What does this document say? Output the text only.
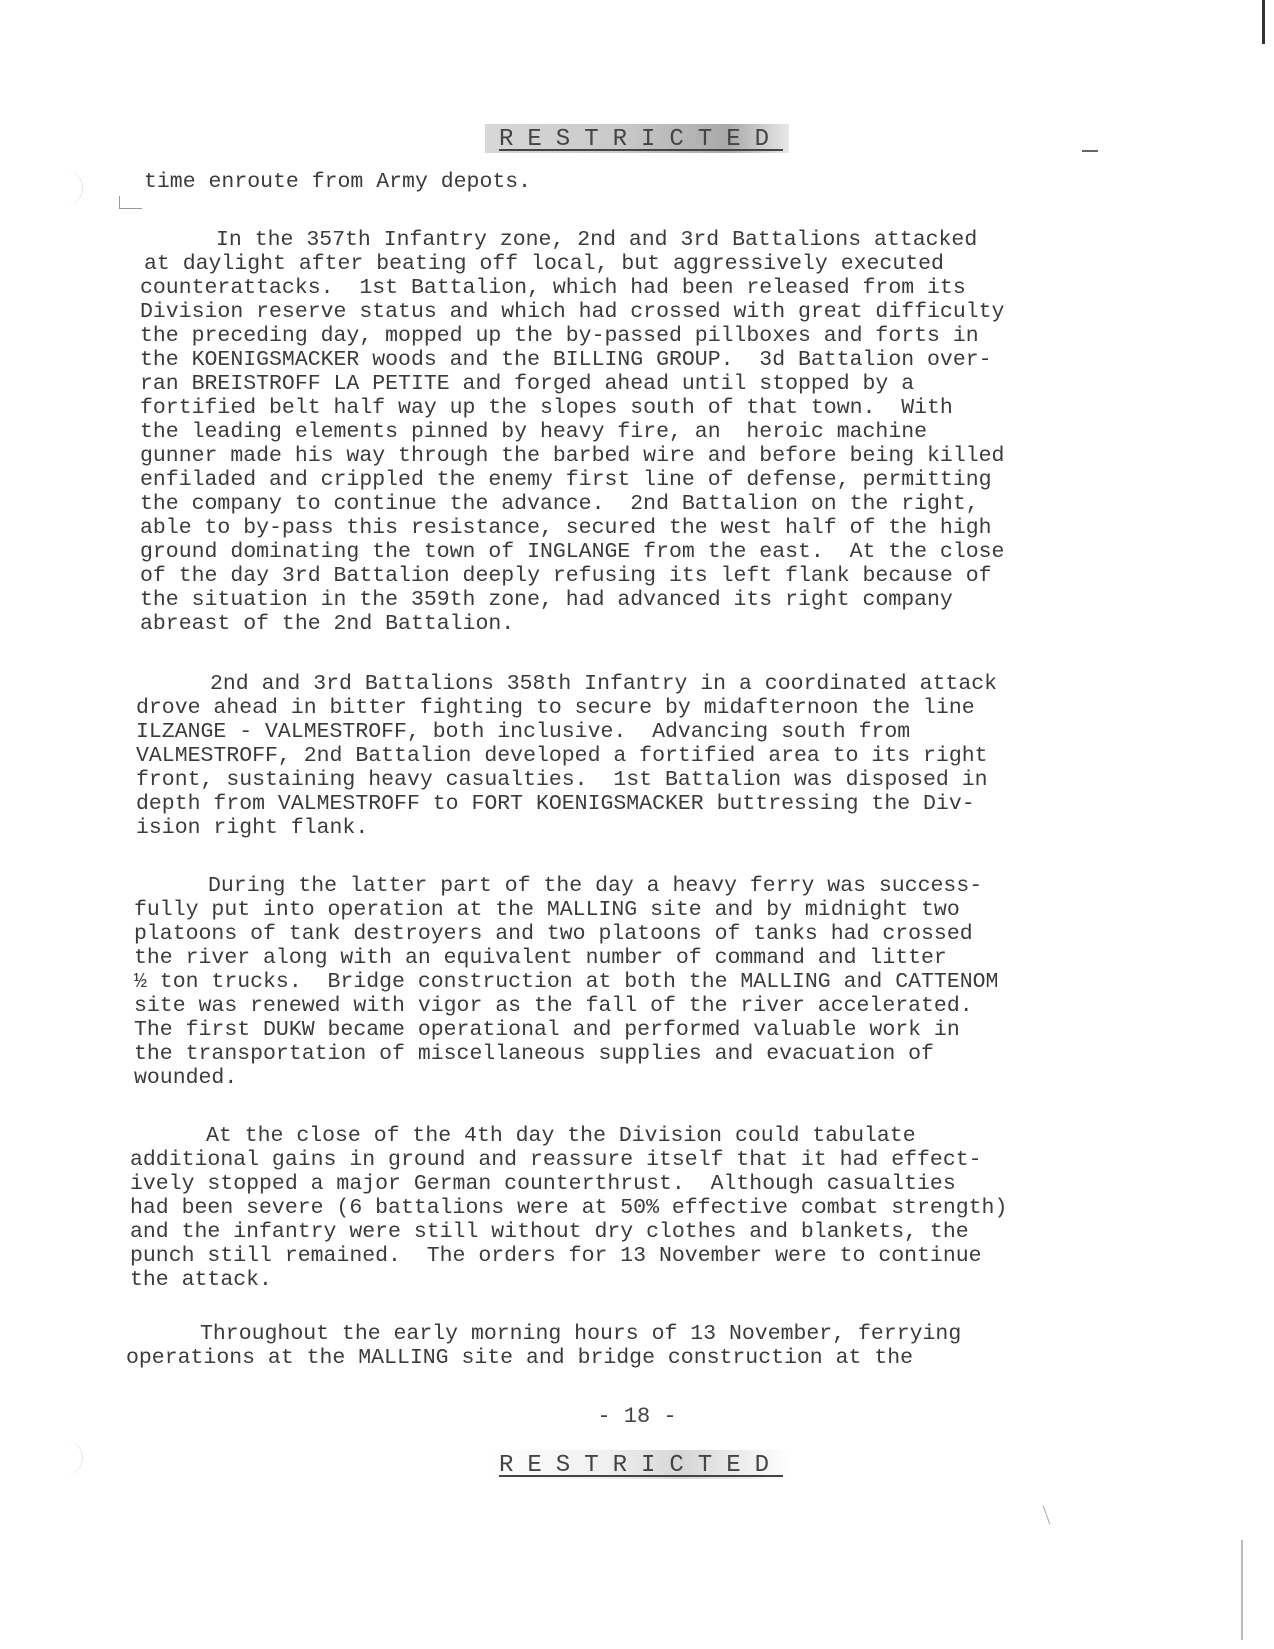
RESTRICTED
time enroute from Army depots.
In the 357th Infantry zone, 2nd and 3rd Battalions attacked
at daylight after beating off local, but aggressively executed
counterattacks.  1st Battalion, which had been released from its
Division reserve status and which had crossed with great difficulty
the preceding day, mopped up the by-passed pillboxes and forts in
the KOENIGSMACKER woods and the BILLING GROUP.  3d Battalion over-
ran BREISTROFF LA PETITE and forged ahead until stopped by a
fortified belt half way up the slopes south of that town.  With
the leading elements pinned by heavy fire, an  heroic machine
gunner made his way through the barbed wire and before being killed
enfiladed and crippled the enemy first line of defense, permitting
the company to continue the advance.  2nd Battalion on the right,
able to by-pass this resistance, secured the west half of the high
ground dominating the town of INGLANGE from the east.  At the close
of the day 3rd Battalion deeply refusing its left flank because of
the situation in the 359th zone, had advanced its right company
abreast of the 2nd Battalion.
2nd and 3rd Battalions 358th Infantry in a coordinated attack
drove ahead in bitter fighting to secure by midafternoon the line
ILZANGE - VALMESTROFF, both inclusive.  Advancing south from
VALMESTROFF, 2nd Battalion developed a fortified area to its right
front, sustaining heavy casualties.  1st Battalion was disposed in
depth from VALMESTROFF to FORT KOENIGSMACKER buttressing the Div-
ision right flank.
During the latter part of the day a heavy ferry was success-
fully put into operation at the MALLING site and by midnight two
platoons of tank destroyers and two platoons of tanks had crossed
the river along with an equivalent number of command and litter
½ ton trucks.  Bridge construction at both the MALLING and CATTENOM
site was renewed with vigor as the fall of the river accelerated.
The first DUKW became operational and performed valuable work in
the transportation of miscellaneous supplies and evacuation of
wounded.
At the close of the 4th day the Division could tabulate
additional gains in ground and reassure itself that it had effect-
ively stopped a major German counterthrust.  Although casualties
had been severe (6 battalions were at 50% effective combat strength)
and the infantry were still without dry clothes and blankets, the
punch still remained.  The orders for 13 November were to continue
the attack.
Throughout the early morning hours of 13 November, ferrying
operations at the MALLING site and bridge construction at the
- 18 -
RESTRICTED
